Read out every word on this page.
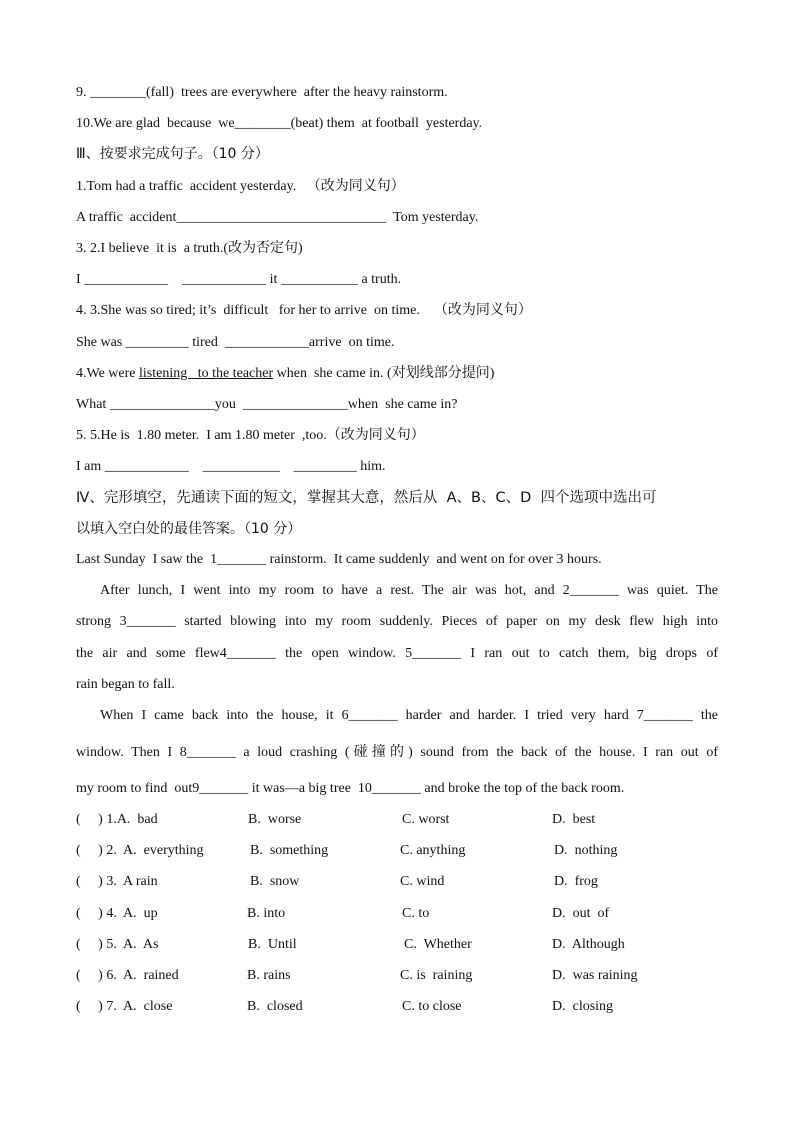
9. ________(fall)  trees are everywhere  after the heavy rainstorm.
10.We are glad  because  we________(beat) them  at football  yesterday.
Ⅲ、按要求完成句子。（10 分）
1.Tom had a traffic  accident yesterday.   （改为同义句）
A traffic  accident______________________________  Tom yesterday.
3. 2.I believe  it is  a truth.(改为否定句)
I ____________    ____________ it ___________ a truth.
4. 3.She was so tired; it’s  difficult   for her to arrive  on time.    （改为同义句）
She was _________ tired  ____________arrive  on time.
4.We were listening   to the teacher when  she came in. (对划线部分提问)
What _______________you  _______________when  she came in?
5. 5.He is  1.80 meter.  I am 1.80 meter  ,too.（改为同义句）
I am ____________    ___________    _________ him.
Ⅳ、完形填空，先通读下面的短文，掌握其大意，然后从  A、B、C、D  四个选项中选出可
以填入空白处的最佳答案。（10 分）
Last Sunday  I saw the  1_______ rainstorm.  It came suddenly  and went on for over 3 hours.
After lunch, I went into my room to have a rest. The air was hot, and 2_______ was quiet. The
strong 3_______ started blowing into my room suddenly. Pieces of paper on my desk flew high into
the air and some flew4_______ the open window. 5_______ I ran out to catch them, big drops of
rain began to fall.
When I came back into the house, it 6_______ harder and harder. I tried very hard 7_______ the
window. Then I 8_______ a loud crashing (碰撞的) sound from the back of the house. I ran out of
my room to find  out9_______ it was—a big tree  10_______ and broke the top of the back room.
(     ) 1.A.  bad	B.  worse	C. worst	D.  best
(     ) 2.  A.  everything	B.  something	C. anything	D.  nothing
(     ) 3.  A rain	B.  snow	C. wind	D.  frog
(     ) 4.  A.  up	B. into	C. to	D.  out  of
(     ) 5.  A.  As	B.  Until	C.  Whether	D.  Although
(     ) 6.  A.  rained	B. rains	C. is  raining	D.  was raining
(     ) 7.  A.  close	B.  closed	C. to close	D.  closing
